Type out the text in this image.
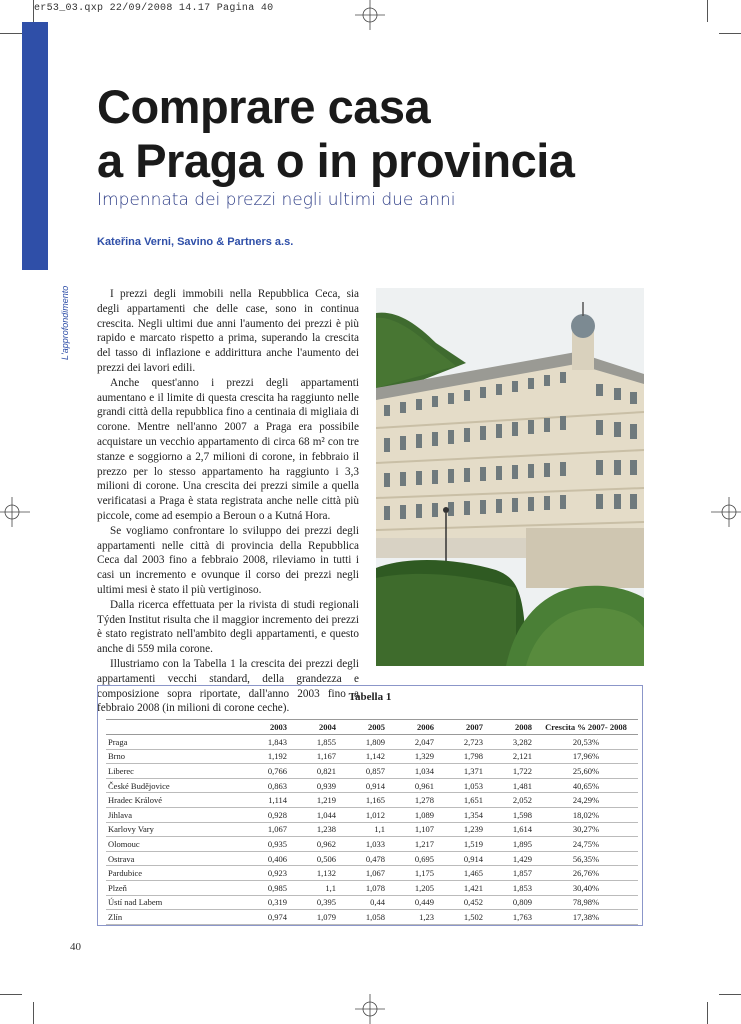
er53_03.qxp 22/09/2008 14.17 Pagina 40
L'approfondimento
Comprare casa
a Praga o in provincia
Impennata dei prezzi negli ultimi due anni
Kateřina Verni, Savino & Partners a.s.

I prezzi degli immobili nella Repubblica Ceca, sia degli appartamenti che delle case, sono in continua crescita. Negli ultimi due anni l'aumento dei prezzi è più rapido e marcato rispetto a prima, superando la crescita del tasso di inflazione e addirittura anche l'aumento dei prezzi dei lavori edili.

Anche quest'anno i prezzi degli appartamenti aumentano e il limite di questa crescita ha raggiunto nelle grandi città della repubblica fino a centinaia di migliaia di corone. Mentre nell'anno 2007 a Praga era possibile acquistare un vecchio appartamento di circa 68 m² con tre stanze e soggiorno a 2,7 milioni di corone, in febbraio il prezzo per lo stesso appartamento ha raggiunto i 3,3 milioni di corone. Una crescita dei prezzi simile a quella verificatasi a Praga è stata registrata anche nelle città più piccole, come ad esempio a Beroun o a Kutná Hora.

Se vogliamo confrontare lo sviluppo dei prezzi degli appartamenti nelle città di provincia della Repubblica Ceca dal 2003 fino a febbraio 2008, rileviamo in tutti i casi un incremento e ovunque il corso dei prezzi negli ultimi mesi è stato il più vertiginoso.

Dalla ricerca effettuata per la rivista di studi regionali Týden Institut risulta che il maggior incremento dei prezzi è stato registrato nell'ambito degli appartamenti, e questo anche di 559 mila corone.

Illustriamo con la Tabella 1 la crescita dei prezzi degli appartamenti vecchi standard, della grandezza e composizione sopra riportate, dall'anno 2003 fino a febbraio 2008 (in milioni di corone ceche).

Tabella 1
	2003	2004	2005	2006	2007	2008	Crescita % 2007- 2008
Praga	1,843	1,855	1,809	2,047	2,723	3,282	20,53%
Brno	1,192	1,167	1,142	1,329	1,798	2,121	17,96%
Liberec	0,766	0,821	0,857	1,034	1,371	1,722	25,60%
České Budějovice	0,863	0,939	0,914	0,961	1,053	1,481	40,65%
Hradec Králové	1,114	1,219	1,165	1,278	1,651	2,052	24,29%
Jihlava	0,928	1,044	1,012	1,089	1,354	1,598	18,02%
Karlovy Vary	1,067	1,238	1,1	1,107	1,239	1,614	30,27%
Olomouc	0,935	0,962	1,033	1,217	1,519	1,895	24,75%
Ostrava	0,406	0,506	0,478	0,695	0,914	1,429	56,35%
Pardubice	0,923	1,132	1,067	1,175	1,465	1,857	26,76%
Plzeň	0,985	1,1	1,078	1,205	1,421	1,853	30,40%
Ústí nad Labem	0,319	0,395	0,44	0,449	0,452	0,809	78,98%
Zlín	0,974	1,079	1,058	1,23	1,502	1,763	17,38%
40
